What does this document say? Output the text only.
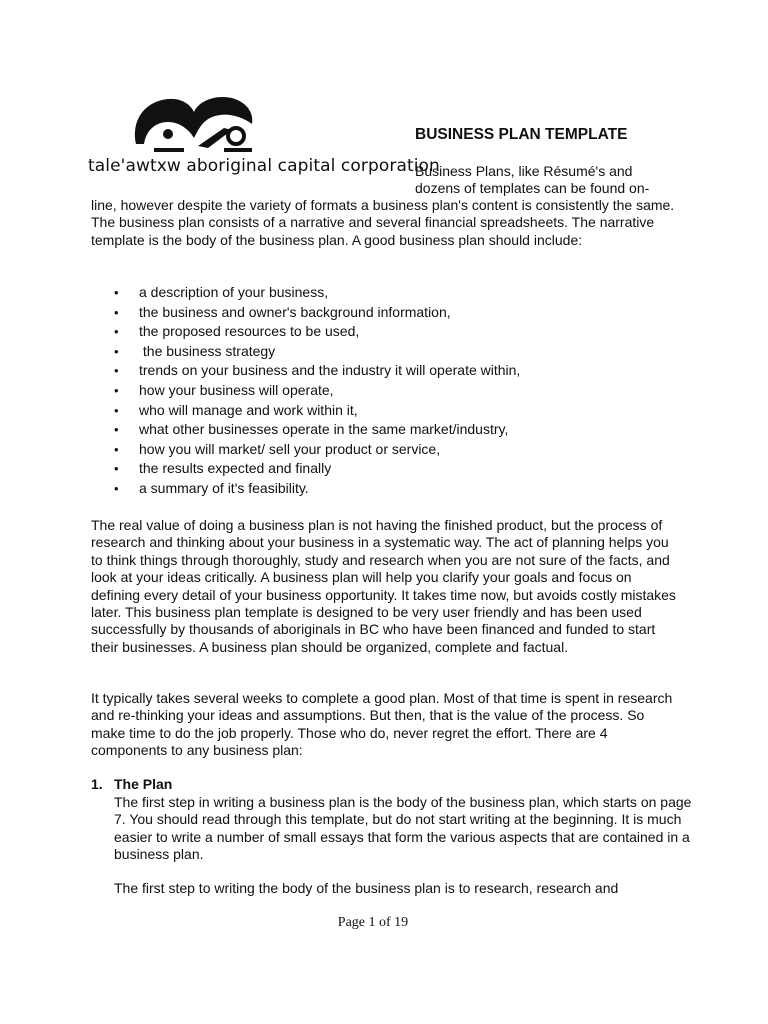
tale'awtxw aboriginal capital corporation
BUSINESS PLAN TEMPLATE

Business Plans, like Résumé's and dozens of templates can be found on-

line, however despite the variety of formats a business plan's content is consistently the same. The business plan consists of a narrative and several financial spreadsheets. The narrative template is the body of the business plan. A good business plan should include:

• a description of your business,
• the business and owner's background information,
• the proposed resources to be used,
• the business strategy
• trends on your business and the industry it will operate within,
• how your business will operate,
• who will manage and work within it,
• what other businesses operate in the same market/industry,
• how you will market/ sell your product or service,
• the results expected and finally
• a summary of it's feasibility.

The real value of doing a business plan is not having the finished product, but the process of research and thinking about your business in a systematic way. The act of planning helps you to think things through thoroughly, study and research when you are not sure of the facts, and look at your ideas critically. A business plan will help you clarify your goals and focus on defining every detail of your business opportunity. It takes time now, but avoids costly mistakes later. This business plan template is designed to be very user friendly and has been used successfully by thousands of aboriginals in BC who have been financed and funded to start their businesses. A business plan should be organized, complete and factual.

It typically takes several weeks to complete a good plan. Most of that time is spent in research and re-thinking your ideas and assumptions. But then, that is the value of the process. So make time to do the job properly. Those who do, never regret the effort. There are 4 components to any business plan:

1. The Plan

The first step in writing a business plan is the body of the business plan, which starts on page 7. You should read through this template, but do not start writing at the beginning. It is much easier to write a number of small essays that form the various aspects that are contained in a business plan.

The first step to writing the body of the business plan is to research, research and

Page 1 of 19
